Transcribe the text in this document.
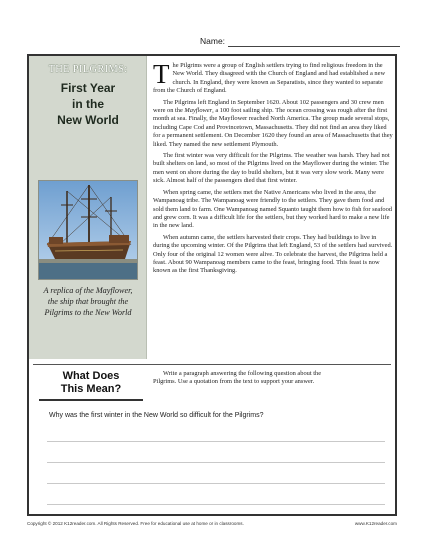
Name:
THE PILGRIMS:
First Year
in the
New World
A replica of the Mayflower,
the ship that brought the
Pilgrims to the New World

The Pilgrims were a group of English settlers trying to find religious freedom in the New World. They disagreed with the Church of England and had established a new church. In England, they were known as Separatists, since they wanted to separate from the Church of England.

The Pilgrims left England in September 1620. About 102 passengers and 30 crew men were on the Mayflower, a 100 foot sailing ship. The ocean crossing was rough after the first month at sea. Finally, the Mayflower reached North America. The group made several stops, including Cape Cod and Provincetown, Massachusetts. They did not find an area they liked for a permanent settlement. On December 1620 they found an area of Massachusetts that they liked. They named the new settlement Plymouth.

The first winter was very difficult for the Pilgrims. The weather was harsh. They had not built shelters on land, so most of the Pilgrims lived on the Mayflower during the winter. The men went on shore during the day to build shelters, but it was very slow work. Many were sick. Almost half of the passengers died that first winter.

When spring came, the settlers met the Native Americans who lived in the area, the Wampanoag tribe. The Wampanoag were friendly to the settlers. They gave them food and sold them land to farm. One Wampanoag named Squanto taught them how to fish for seafood and grew corn. It was a difficult life for the settlers, but they worked hard to make a new life in the new land.

When autumn came, the settlers harvested their crops. They had buildings to live in during the upcoming winter. Of the Pilgrims that left England, 53 of the settlers had survived. Only four of the original 12 women were alive. To celebrate the harvest, the Pilgrims held a feast. About 90 Wampanoag members came to the feast, bringing food. This feast is now known as the first Thanksgiving.

What Does
This Mean?
Write a paragraph answering the following question about the
Pilgrims. Use a quotation from the text to support your answer.
Why was the first winter in the New World so difficult for the Pilgrims?
Copyright © 2012 K12reader.com. All Rights Reserved. Free for educational use at home or in classrooms.	www.K12reader.com
